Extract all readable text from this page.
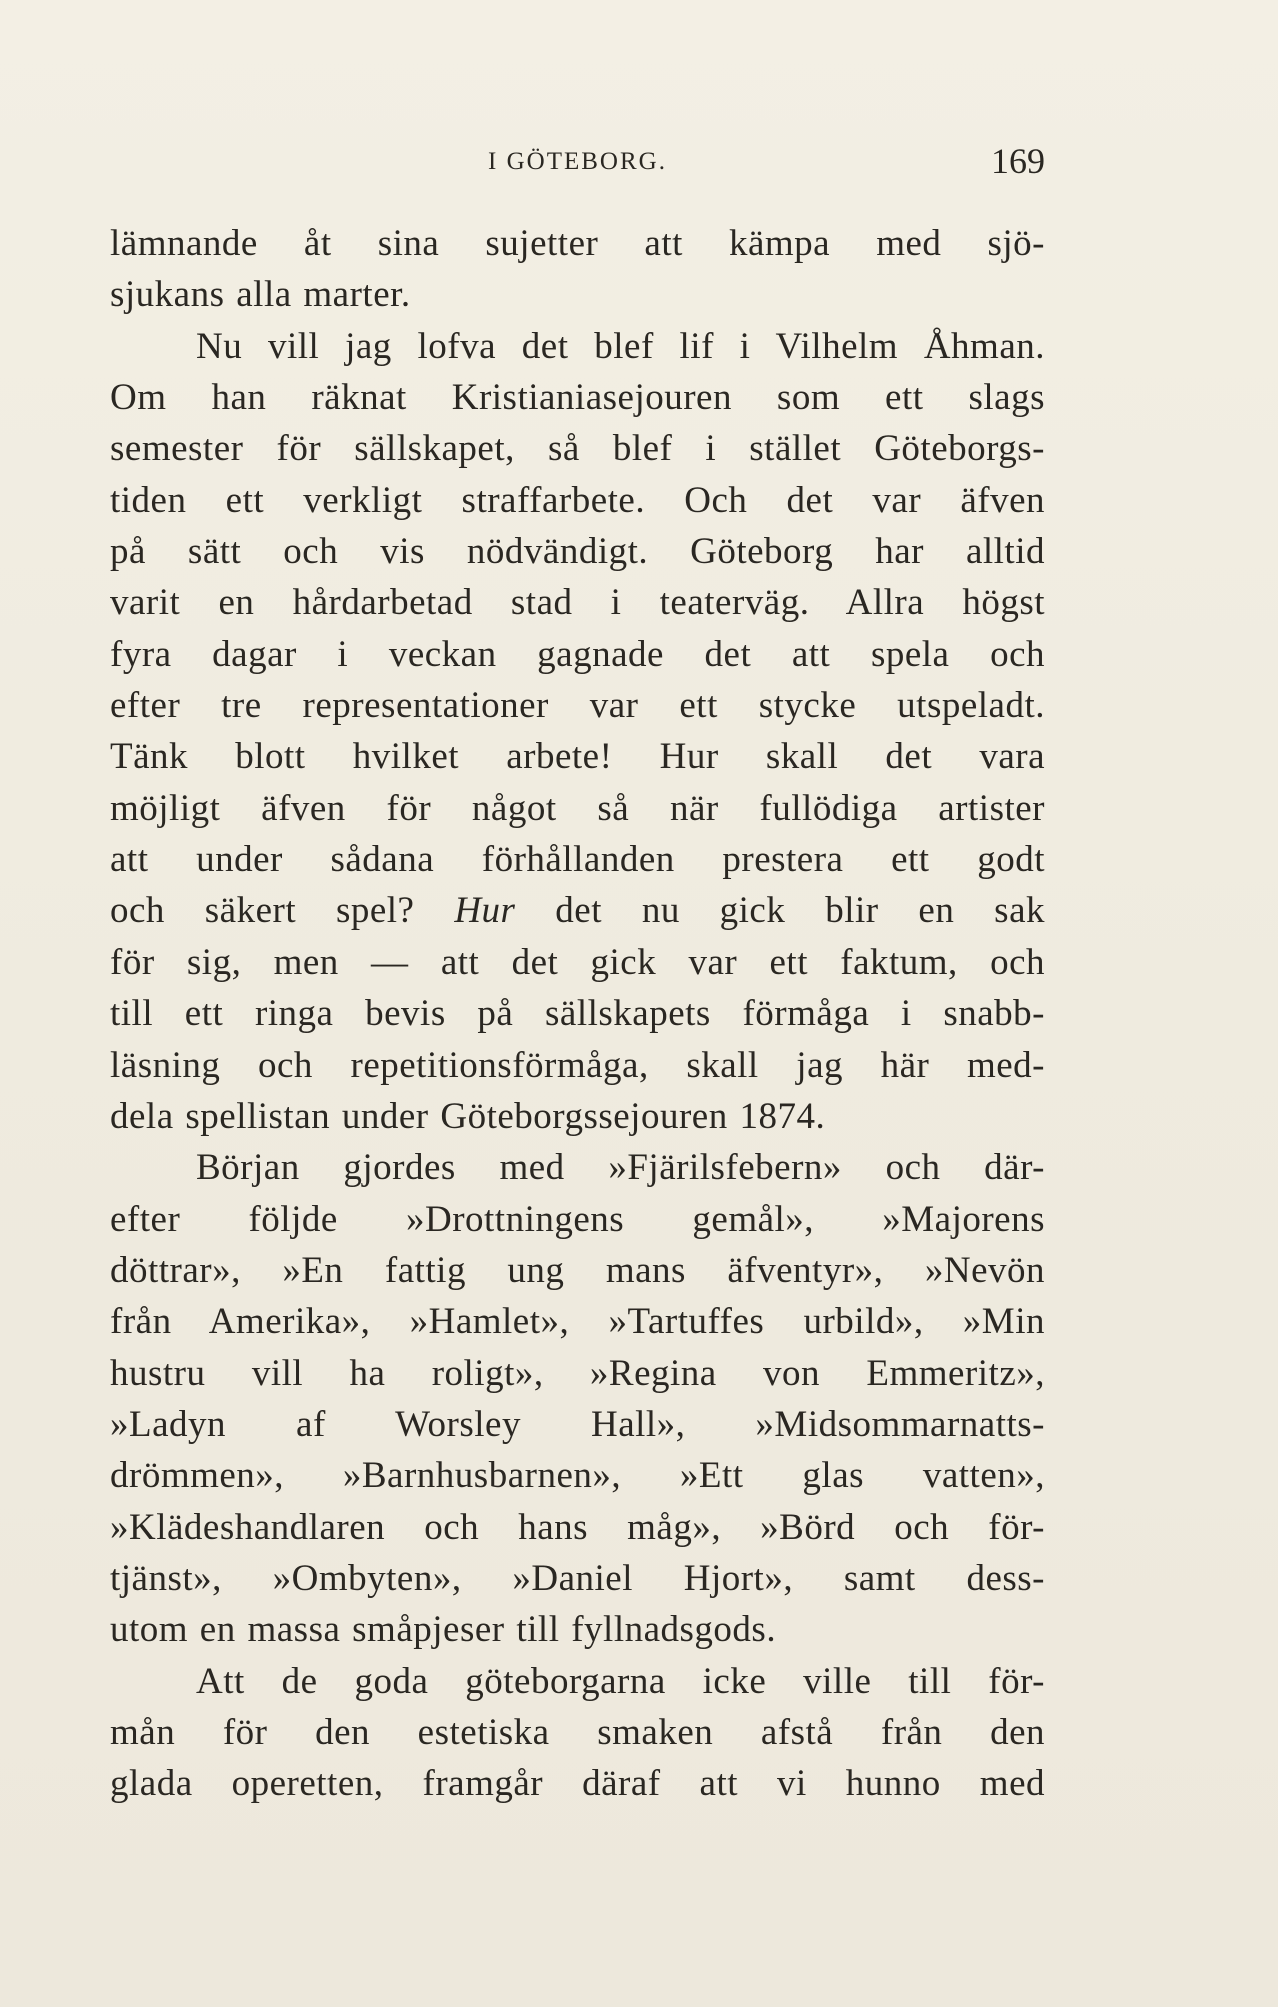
I GÖTEBORG.	169
lämnande åt sina sujetter att kämpa med sjö-
sjukans alla marter.
Nu vill jag lofva det blef lif i Vilhelm Åhman.
Om han räknat Kristianiasejouren som ett slags
semester för sällskapet, så blef i stället Göteborgs-
tiden ett verkligt straffarbete. Och det var äfven
på sätt och vis nödvändigt. Göteborg har alltid
varit en hårdarbetad stad i teaterväg. Allra högst
fyra dagar i veckan gagnade det att spela och
efter tre representationer var ett stycke utspeladt.
Tänk blott hvilket arbete! Hur skall det vara
möjligt äfven för något så när fullödiga artister
att under sådana förhållanden prestera ett godt
och säkert spel? Hur det nu gick blir en sak
för sig, men — att det gick var ett faktum, och
till ett ringa bevis på sällskapets förmåga i snabb-
läsning och repetitionsförmåga, skall jag här med-
dela spellistan under Göteborgssejouren 1874.
Början gjordes med »Fjärilsfebern» och där-
efter följde »Drottningens gemål», »Majorens
döttrar», »En fattig ung mans äfventyr», »Nevön
från Amerika», »Hamlet», »Tartuffes urbild», »Min
hustru vill ha roligt», »Regina von Emmeritz»,
»Ladyn af Worsley Hall», »Midsommarnatts-
drömmen», »Barnhusbarnen», »Ett glas vatten»,
»Klädeshandlaren och hans måg», »Börd och för-
tjänst», »Ombyten», »Daniel Hjort», samt dess-
utom en massa småpjeser till fyllnadsgods.
Att de goda göteborgarna icke ville till för-
mån för den estetiska smaken afstå från den
glada operetten, framgår däraf att vi hunno med
